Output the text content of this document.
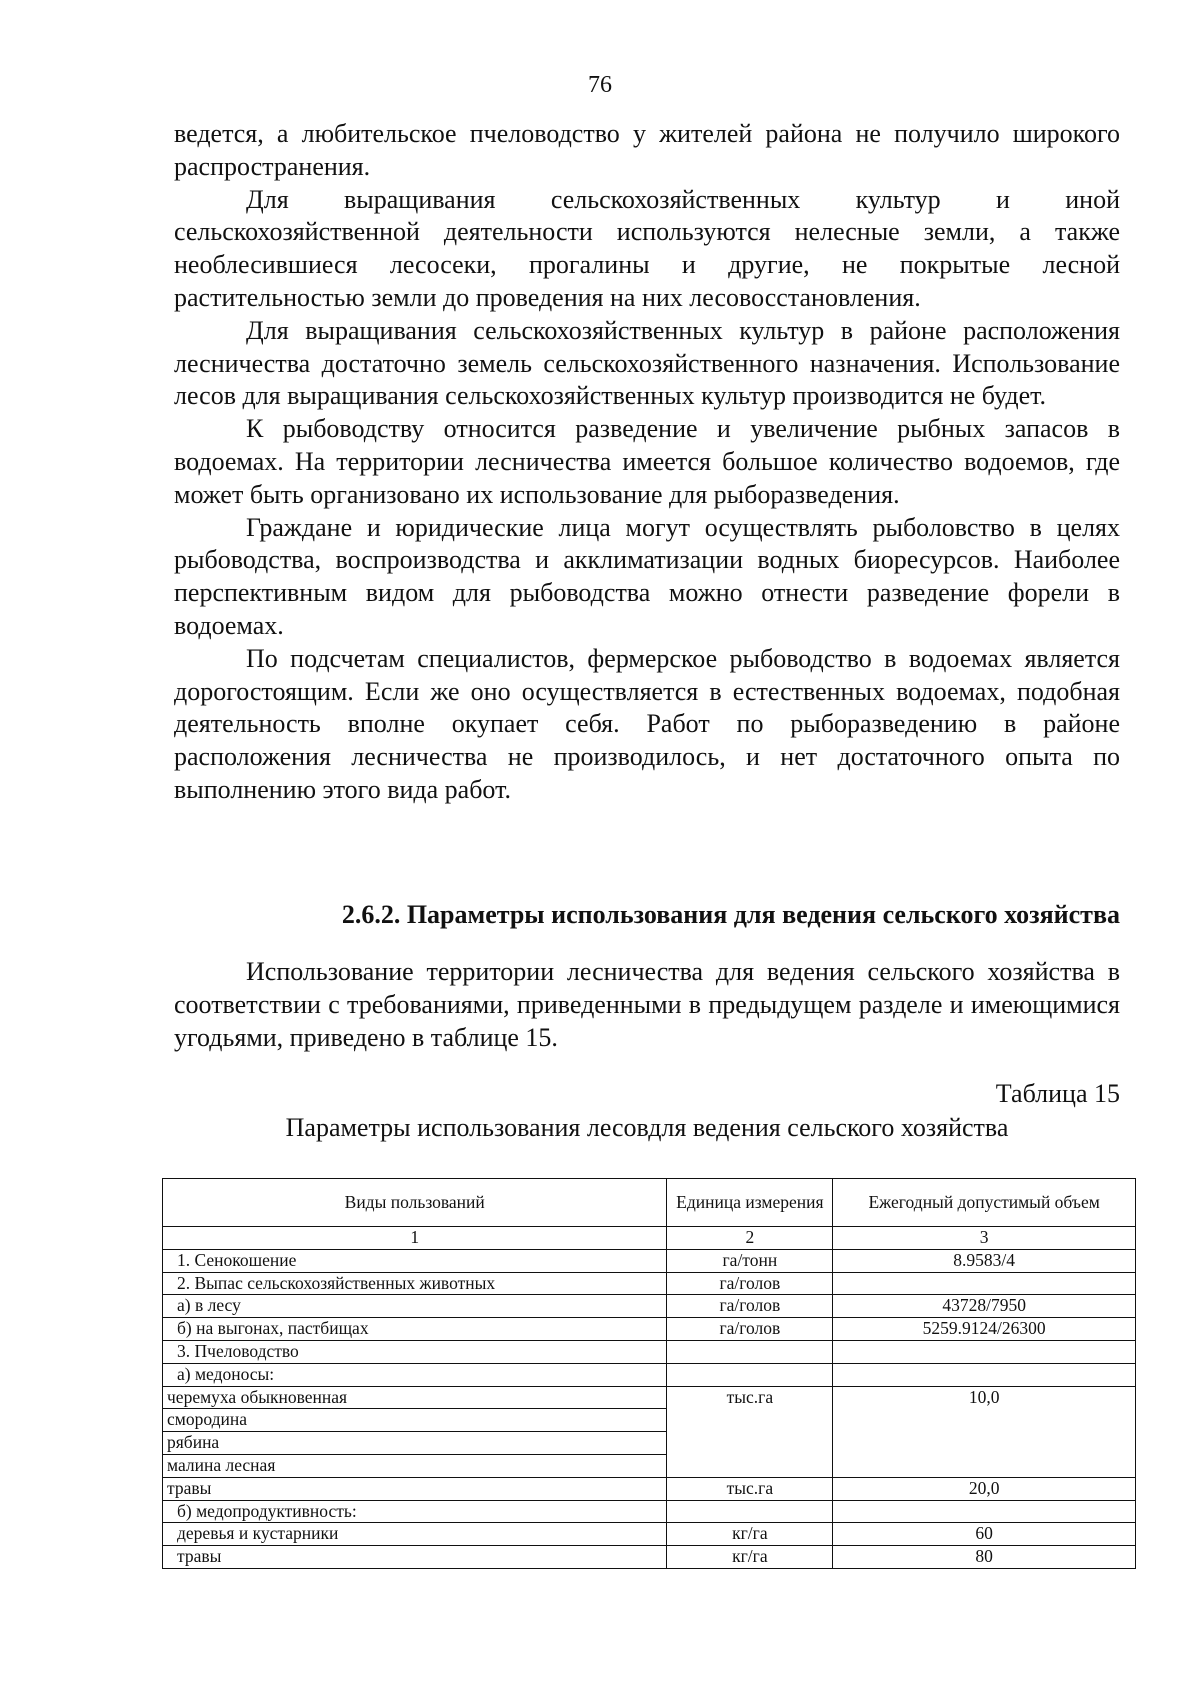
76

ведется, а любительское пчеловодство у жителей района не получило широкого распространения.

Для выращивания сельскохозяйственных культур и иной сельскохозяйственной деятельности используются нелесные земли, а также необлесившиеся лесосеки, прогалины и другие, не покрытые лесной растительностью земли до проведения на них лесовосстановления.

Для выращивания сельскохозяйственных культур в районе расположения лесничества достаточно земель сельскохозяйственного назначения. Использование лесов для выращивания сельскохозяйственных культур производится не будет.

К рыбоводству относится разведение и увеличение рыбных запасов в водоемах. На территории лесничества имеется большое количество водоемов, где может быть организовано их использование для рыборазведения.

Граждане и юридические лица могут осуществлять рыболовство в целях рыбоводства, воспроизводства и акклиматизации водных биоресурсов. Наиболее перспективным видом для рыбоводства можно отнести разведение форели в водоемах.

По подсчетам специалистов, фермерское рыбоводство в водоемах является дорогостоящим. Если же оно осуществляется в естественных водоемах, подобная деятельность вполне окупает себя. Работ по рыборазведению в районе расположения лесничества не производилось, и нет достаточного опыта по выполнению этого вида работ.

2.6.2. Параметры использования для ведения сельского хозяйства

Использование территории лесничества для ведения сельского хозяйства в соответствии с требованиями, приведенными в предыдущем разделе и имеющимися угодьями, приведено в таблице 15.

Таблица 15
Параметры использования лесовдля ведения сельского хозяйства
Виды пользований	Единица измерения	Ежегодный допустимый объем
1	2	3
1. Сенокошение	га/тонн	8.9583/4
2. Выпас сельскохозяйственных животных	га/голов	
а) в лесу	га/голов	43728/7950
б) на выгонах, пастбищах	га/голов	5259.9124/26300
3. Пчеловодство		
а) медоносы:		
черемуха обыкновенная	тыс.га	10,0
смородина		
рябина		
малина лесная		
травы	тыс.га	20,0
б) медопродуктивность:		
деревья и кустарники	кг/га	60
травы	кг/га	80
